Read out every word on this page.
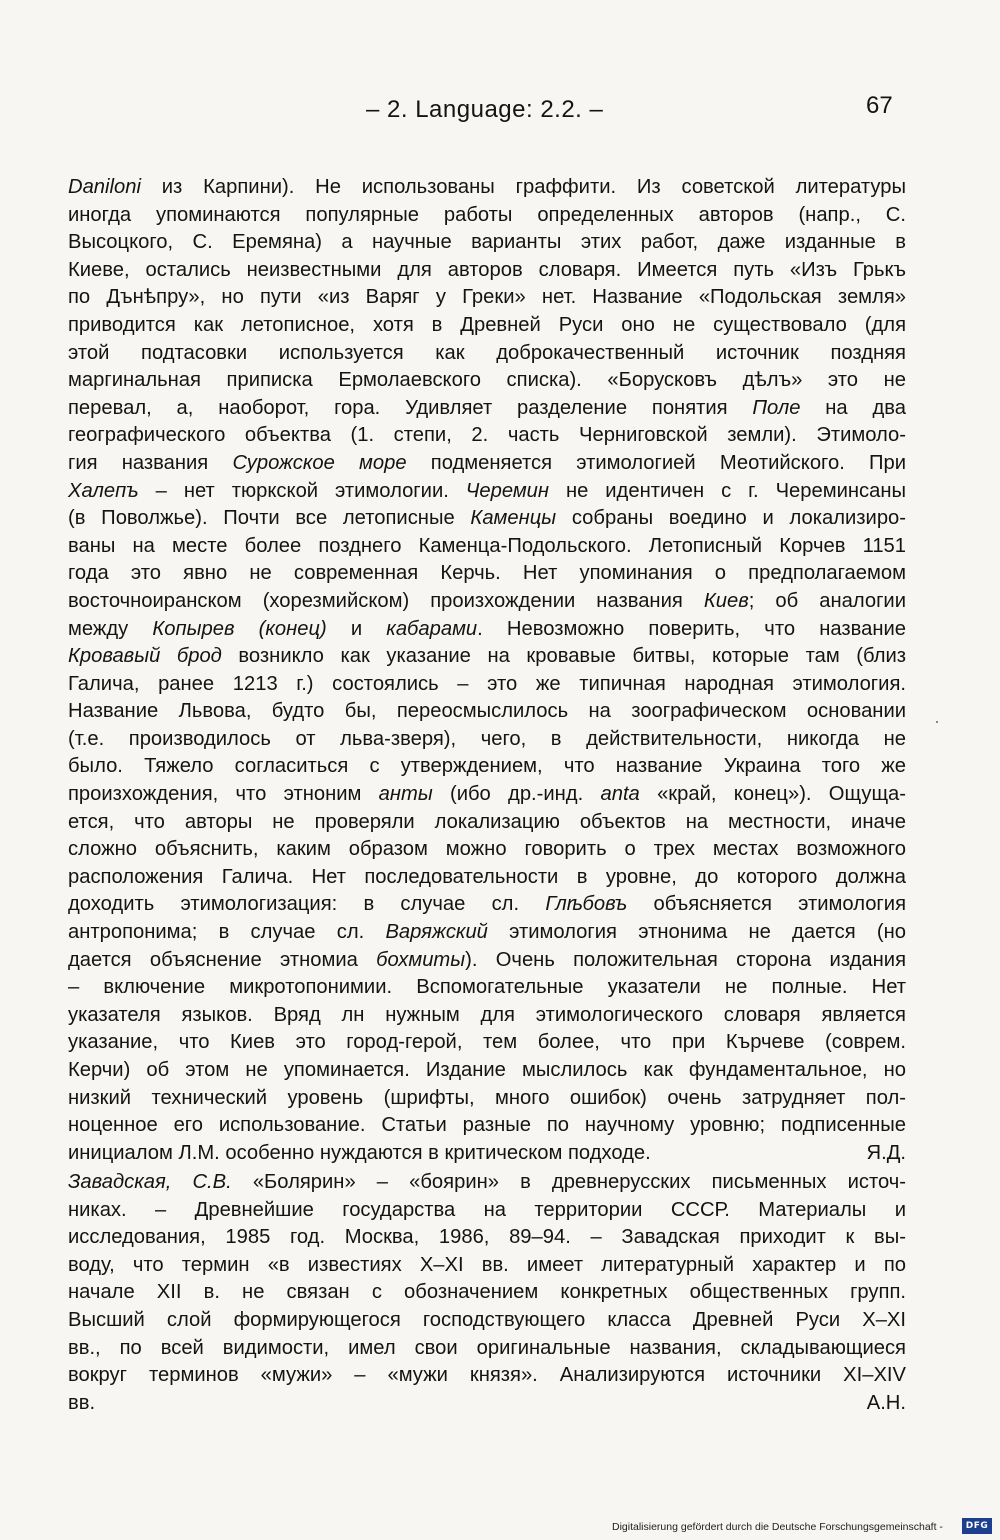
– 2. Language: 2.2. –	67
Daniloni из Карпини). Не использованы граффити. Из советской литературы
иногда упоминаются популярные работы определенных авторов (напр., С.
Высоцкого, С. Еремяна) а научные варианты этих работ, даже изданные в
Киеве, остались неизвестными для авторов словаря. Имеется путь «Изъ Грькъ
по Дънѣпру», но пути «из Варяг у Греки» нет. Название «Подольская земля»
приводится как летописное, хотя в Древней Руси оно не существовало (для
этой подтасовки используется как доброкачественный источник поздняя
маргинальная приписка Ермолаевского списка). «Борусковъ дѣлъ» это не
перевал, а, наоборот, гора. Удивляет разделение понятия Поле на два
географического объектва (1. степи, 2. часть Черниговской земли). Этимоло-
гия названия Сурожское море подменяется этимологией Меотийского. При
Халепъ – нет тюркской этимологии. Черемин не идентичен с г. Череминсаны
(в Поволжье). Почти все летописные Каменцы собраны воедино и локализиро-
ваны на месте более позднего Каменца-Подольского. Летописный Корчев 1151
года это явно не современная Керчь. Нет упоминания о предполагаемом
восточноиранском (хорезмийском) произхождении названия Киев; об аналогии
между Копырев (конец) и кабарами. Невозможно поверить, что название
Кровавый брод возникло как указание на кровавые битвы, которые там (близ
Галича, ранее 1213 г.) состоялись – это же типичная народная этимология.
Название Львова, будто бы, переосмыслилось на зоографическом основании
(т.е. производилось от льва-зверя), чего, в действительности, никогда не
было. Тяжело согласиться с утверждением, что название Украина того же
произхождения, что этноним анты (ибо др.-инд. anta «край, конец»). Ощуща-
ется, что авторы не проверяли локализацию объектов на местности, иначе
сложно объяснить, каким образом можно говорить о трех местах возможного
расположения Галича. Нет последовательности в уровне, до которого должна
доходить этимологизация: в случае сл. Глѣбовъ объясняется этимология
антропонима; в случае сл. Варяжский этимология этнонима не дается (но
дается объяснение этномиа бохмиты). Очень положительная сторона издания
– включение микротопонимии. Вспомогательные указатели не полные. Нет
указателя языков. Вряд лн нужным для этимологического словаря является
указание, что Киев это город-герой, тем более, что при Кърчеве (соврем.
Керчи) об этом не упоминается. Издание мыслилось как фундаментальное, но
низкий технический уровень (шрифты, много ошибок) очень затрудняет пол-
ноценное его использование. Статьи разные по научному уровню; подписенные
инициалом Л.М. особенно нуждаются в критическом подходе.	Я.Д.
Завадская, С.В. «Болярин» – «боярин» в древнерусских письменных источ-
никах. – Древнейшие государства на территории СССР. Материалы и
исследования, 1985 год. Москва, 1986, 89–94. – Завадская приходит к вы-
воду, что термин «в известиях X–XI вв. имеет литературный характер и по
начале XII в. не связан с обозначением конкретных общественных групп.
Высший слой формирующегося господствующего класса Древней Руси X–XI
вв., по всей видимости, имел свои оригинальные названия, складывающиеся
вокруг терминов «мужи» – «мужи князя». Анализируются источники XI–XIV
вв.	А.Н.
Digitalisierung gefördert durch die Deutsche Forschungsgemeinschaft -	DFG
